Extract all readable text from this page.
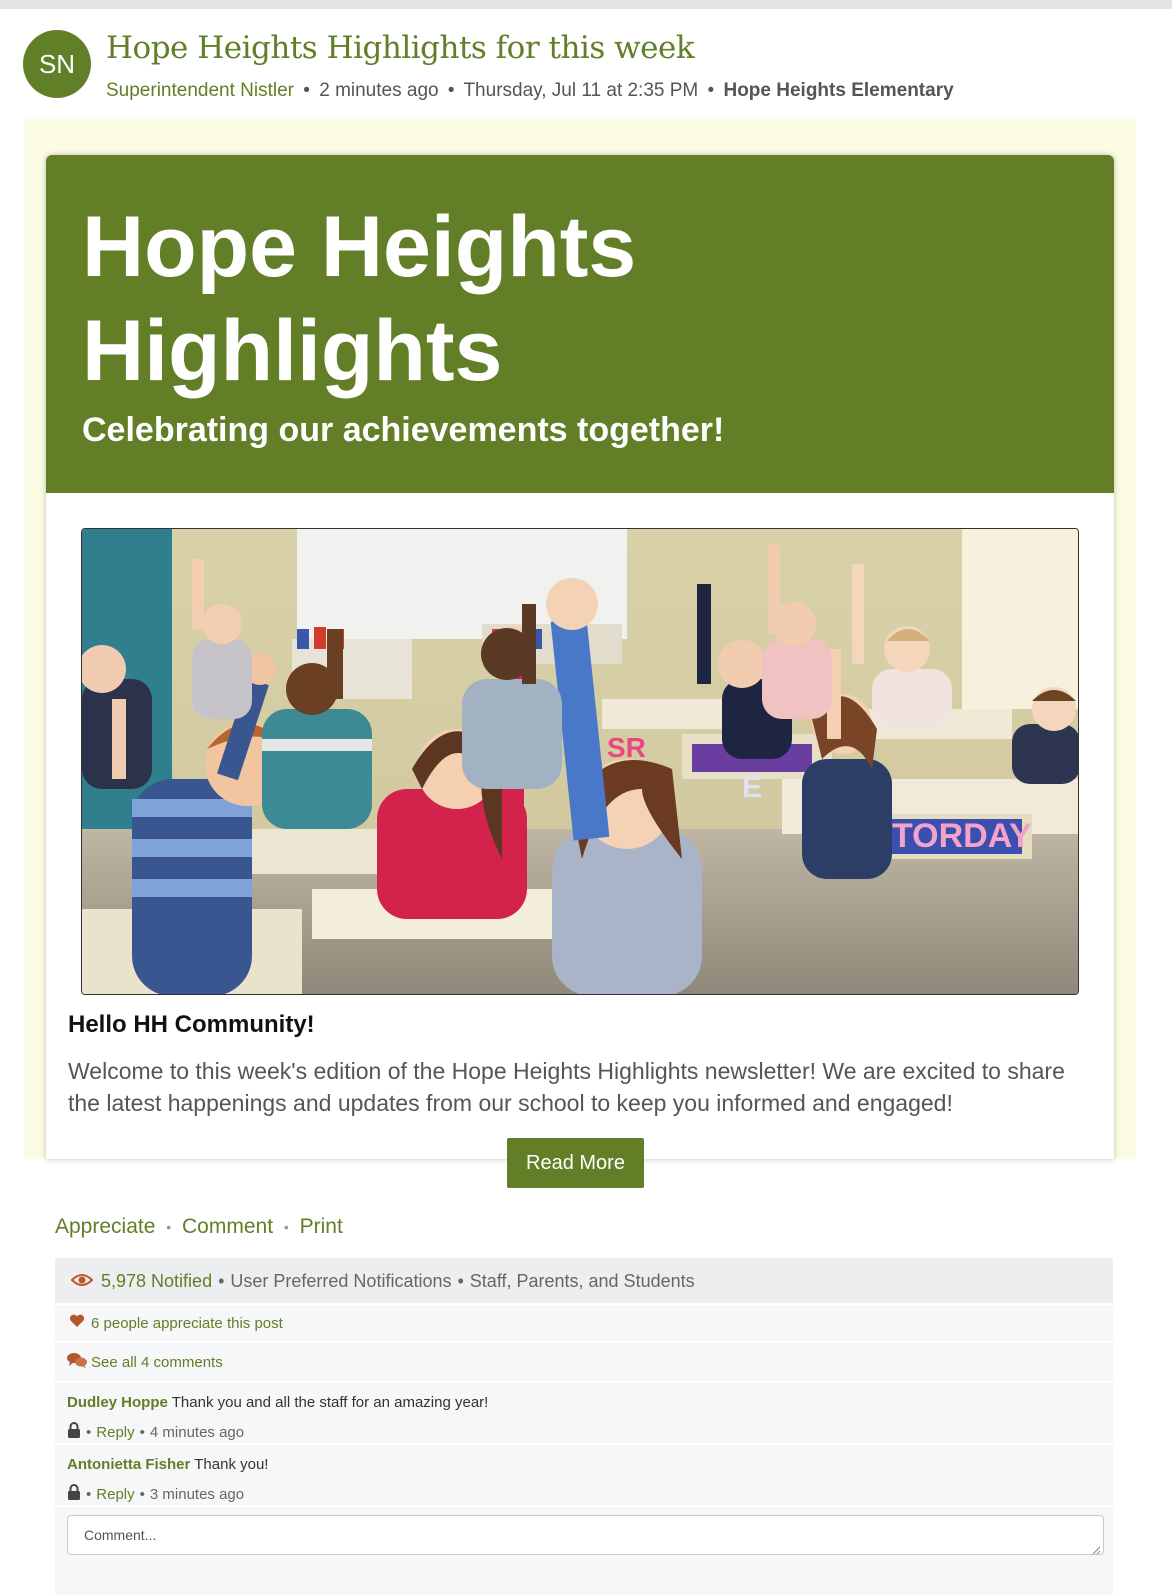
SN Hope Heights Highlights for this week
Superintendent Nistler • 2 minutes ago • Thursday, Jul 11 at 2:35 PM • Hope Heights Elementary
Hope Heights Highlights
Celebrating our achievements together!
SR
TORDAY
E
Hello HH Community!
Welcome to this week's edition of the Hope Heights Highlights newsletter! We are excited to share the latest happenings and updates from our school to keep you informed and engaged!
Read More
Appreciate • Comment • Print
5,978 Notified • User Preferred Notifications • Staff, Parents, and Students
6 people appreciate this post
See all 4 comments
Dudley Hoppe Thank you and all the staff for an amazing year!
• Reply • 4 minutes ago
Antonietta Fisher Thank you!
• Reply • 3 minutes ago
Comment...
